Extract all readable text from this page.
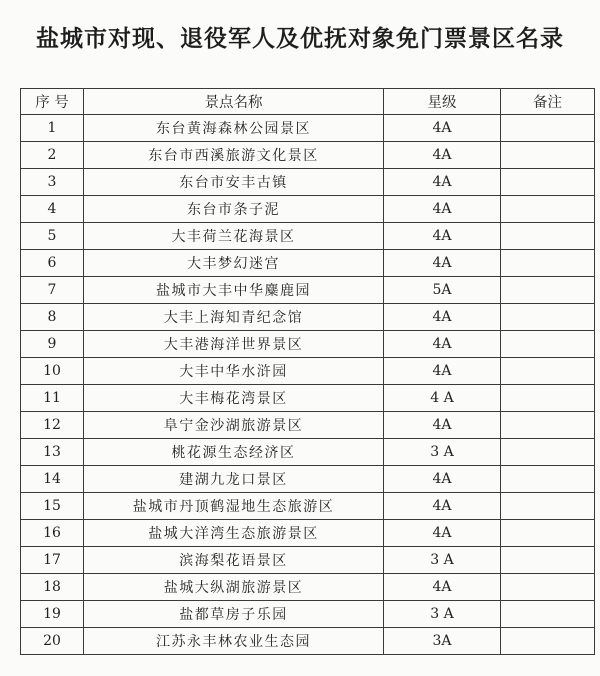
盐城市对现、退役军人及优抚对象免门票景区名录
序 号	景点名称	星级	备注
1	东台黄海森林公园景区	4A	
2	东台市西溪旅游文化景区	4A	
3	东台市安丰古镇	4A	
4	东台市条子泥	4A	
5	大丰荷兰花海景区	4A	
6	大丰梦幻迷宫	4A	
7	盐城市大丰中华麋鹿园	5A	
8	大丰上海知青纪念馆	4A	
9	大丰港海洋世界景区	4A	
10	大丰中华水浒园	4A	
11	大丰梅花湾景区	4 A	
12	阜宁金沙湖旅游景区	4A	
13	桃花源生态经济区	3 A	
14	建湖九龙口景区	4A	
15	盐城市丹顶鹤湿地生态旅游区	4A	
16	盐城大洋湾生态旅游景区	4A	
17	滨海梨花语景区	3 A	
18	盐城大纵湖旅游景区	4A	
19	盐都草房子乐园	3 A	
20	江苏永丰林农业生态园	3A	
